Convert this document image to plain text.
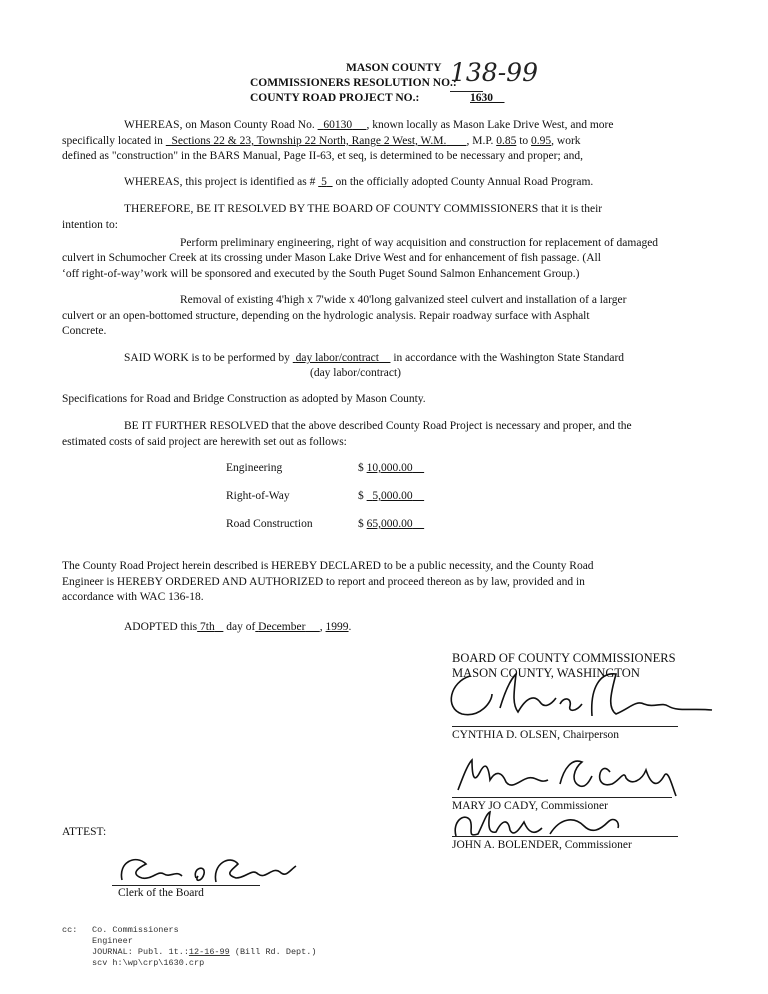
MASON COUNTY
COMMISSIONERS RESOLUTION NO.:
138-99
COUNTY ROAD PROJECT NO.:	1630
WHEREAS, on Mason County Road No. 60130 , known locally as Mason Lake Drive West, and more
specifically located in Sections 22 & 23, Township 22 North, Range 2 West, W.M. , M.P. 0.85 to 0.95, work
defined as "construction" in the BARS Manual, Page II-63, et seq, is determined to be necessary and proper; and,
WHEREAS, this project is identified as # 5 on the officially adopted County Annual Road Program.
THEREFORE, BE IT RESOLVED BY THE BOARD OF COUNTY COMMISSIONERS that it is their
intention to:
Perform preliminary engineering, right of way acquisition and construction for replacement of damaged
culvert in Schumocher Creek at its crossing under Mason Lake Drive West and for enhancement of fish passage. (All
‘off right-of-way’work will be sponsored and executed by the South Puget Sound Salmon Enhancement Group.)
Removal of existing 4'high x 7'wide x 40'long galvanized steel culvert and installation of a larger
culvert or an open-bottomed structure, depending on the hydrologic analysis. Repair roadway surface with Asphalt
Concrete.
SAID WORK is to be performed by day labor/contract in accordance with the Washington State Standard
(day labor/contract)
Specifications for Road and Bridge Construction as adopted by Mason County.
BE IT FURTHER RESOLVED that the above described County Road Project is necessary and proper, and the
estimated costs of said project are herewith set out as follows:
Engineering	$ 10,000.00
Right-of-Way	$ 5,000.00
Road Construction	$ 65,000.00
The County Road Project herein described is HEREBY DECLARED to be a public necessity, and the County Road
Engineer is HEREBY ORDERED AND AUTHORIZED to report and proceed thereon as by law, provided and in
accordance with WAC 136-18.
ADOPTED this 7th day of December , 1999.
BOARD OF COUNTY COMMISSIONERS
MASON COUNTY, WASHINGTON
CYNTHIA D. OLSEN, Chairperson
MARY JO CADY, Commissioner
JOHN A. BOLENDER, Commissioner
ATTEST:
Clerk of the Board
cc: Co. Commissioners
Engineer
JOURNAL: Publ. 1t.:12-16-99 (Bill Rd. Dept.)
scv h:\wp\crp\1630.crp
